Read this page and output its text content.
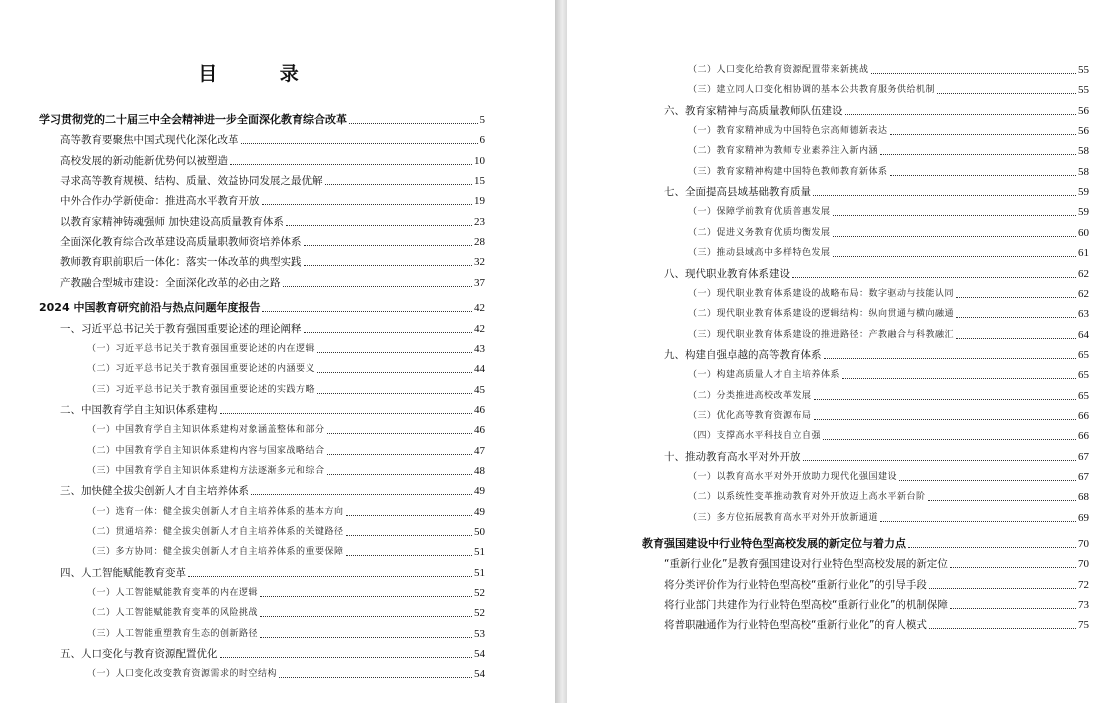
目 录
学习贯彻党的二十届三中全会精神进一步全面深化教育综合改革	5
高等教育要聚焦中国式现代化深化改革	6
高校发展的新动能新优势何以被塑造	10
寻求高等教育规模、结构、质量、效益协同发展之最优解	15
中外合作办学新使命：推进高水平教育开放	19
以教育家精神铸魂强师 加快建设高质量教育体系	23
全面深化教育综合改革建设高质量职教师资培养体系	28
教师教育职前职后一体化：落实一体改革的典型实践	32
产教融合型城市建设：全面深化改革的必由之路	37
2024 中国教育研究前沿与热点问题年度报告	42
一、习近平总书记关于教育强国重要论述的理论阐释	42
（一）习近平总书记关于教育强国重要论述的内在逻辑	43
（二）习近平总书记关于教育强国重要论述的内涵要义	44
（三）习近平总书记关于教育强国重要论述的实践方略	45
二、中国教育学自主知识体系建构	46
（一）中国教育学自主知识体系建构对象涵盖整体和部分	46
（二）中国教育学自主知识体系建构内容与国家战略结合	47
（三）中国教育学自主知识体系建构方法逐渐多元和综合	48
三、加快健全拔尖创新人才自主培养体系	49
（一）选育一体：健全拔尖创新人才自主培养体系的基本方向	49
（二）贯通培养：健全拔尖创新人才自主培养体系的关键路径	50
（三）多方协同：健全拔尖创新人才自主培养体系的重要保障	51
四、人工智能赋能教育变革	51
（一）人工智能赋能教育变革的内在逻辑	52
（二）人工智能赋能教育变革的风险挑战	52
（三）人工智能重塑教育生态的创新路径	53
五、人口变化与教育资源配置优化	54
（一）人口变化改变教育资源需求的时空结构	54
（二）人口变化给教育资源配置带来新挑战	55
（三）建立同人口变化相协调的基本公共教育服务供给机制	55
六、教育家精神与高质量教师队伍建设	56
（一）教育家精神成为中国特色宗高师德新表达	56
（二）教育家精神为教师专业素养注入新内涵	58
（三）教育家精神构建中国特色教师教育新体系	58
七、全面提高县域基础教育质量	59
（一）保障学前教育优质普惠发展	59
（二）促进义务教育优质均衡发展	60
（三）推动县域高中多样特色发展	61
八、现代职业教育体系建设	62
（一）现代职业教育体系建设的战略布局：数字驱动与技能认同	62
（二）现代职业教育体系建设的逻辑结构：纵向贯通与横向融通	63
（三）现代职业教育体系建设的推进路径：产教融合与科教融汇	64
九、构建自强卓越的高等教育体系	65
（一）构建高质量人才自主培养体系	65
（二）分类推进高校改革发展	65
（三）优化高等教育资源布局	66
（四）支撑高水平科技自立自强	66
十、推动教育高水平对外开放	67
（一）以教育高水平对外开放助力现代化强国建设	67
（二）以系统性变革推动教育对外开放迈上高水平新台阶	68
（三）多方位拓展教育高水平对外开放新通道	69
教育强国建设中行业特色型高校发展的新定位与着力点	70
“重新行业化”是教育强国建设对行业特色型高校发展的新定位	70
将分类评价作为行业特色型高校“重新行业化”的引导手段	72
将行业部门共建作为行业特色型高校“重新行业化”的机制保障	73
将普职融通作为行业特色型高校“重新行业化”的育人模式	75
